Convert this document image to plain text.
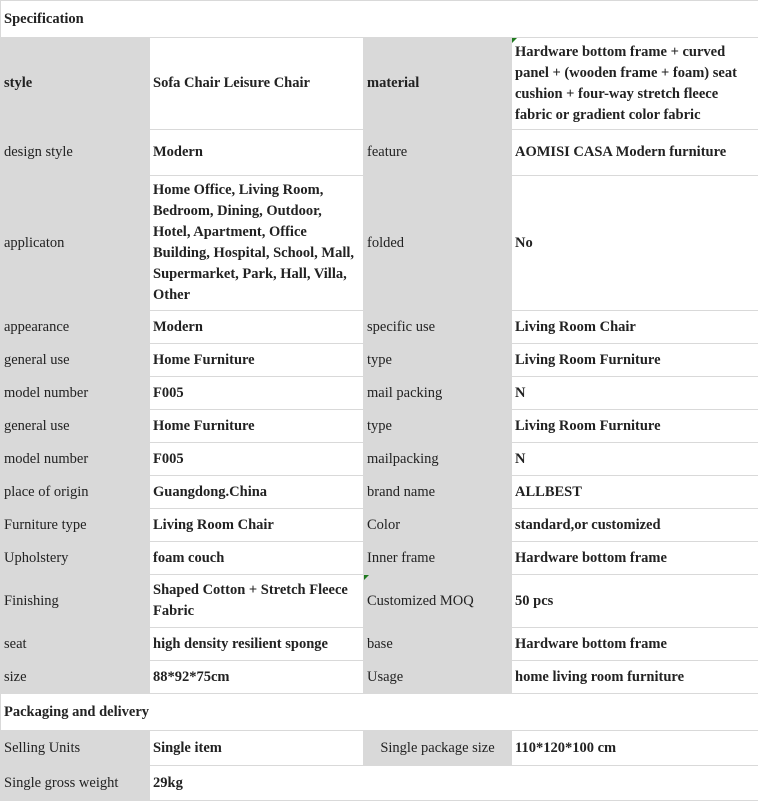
Specification			
style	Sofa Chair Leisure Chair	material	Hardware bottom frame + curved panel + (wooden frame + foam) seat cushion + four-way stretch fleece fabric or gradient color fabric
design style	Modern	feature	AOMISI CASA Modern furniture
applicaton	Home Office, Living Room, Bedroom, Dining, Outdoor, Hotel, Apartment, Office Building, Hospital, School, Mall, Supermarket, Park, Hall, Villa, Other	folded	No
appearance	Modern	specific use	Living Room Chair
general use	Home Furniture	type	Living Room Furniture
model number	F005	mail packing	N
general use	Home Furniture	type	Living Room Furniture
model number	F005	mailpacking	N
place of origin	Guangdong.China	brand name	ALLBEST
Furniture type	Living Room Chair	Color	standard,or customized
Upholstery	foam couch	Inner frame	Hardware bottom frame
Finishing	Shaped Cotton + Stretch Fleece Fabric	Customized MOQ	50 pcs
seat	high density resilient sponge	base	Hardware bottom frame
size	88*92*75cm	Usage	home living room furniture
Packaging and delivery			
Selling Units	Single item	Single package size	110*120*100 cm
Single gross weight	29kg		
